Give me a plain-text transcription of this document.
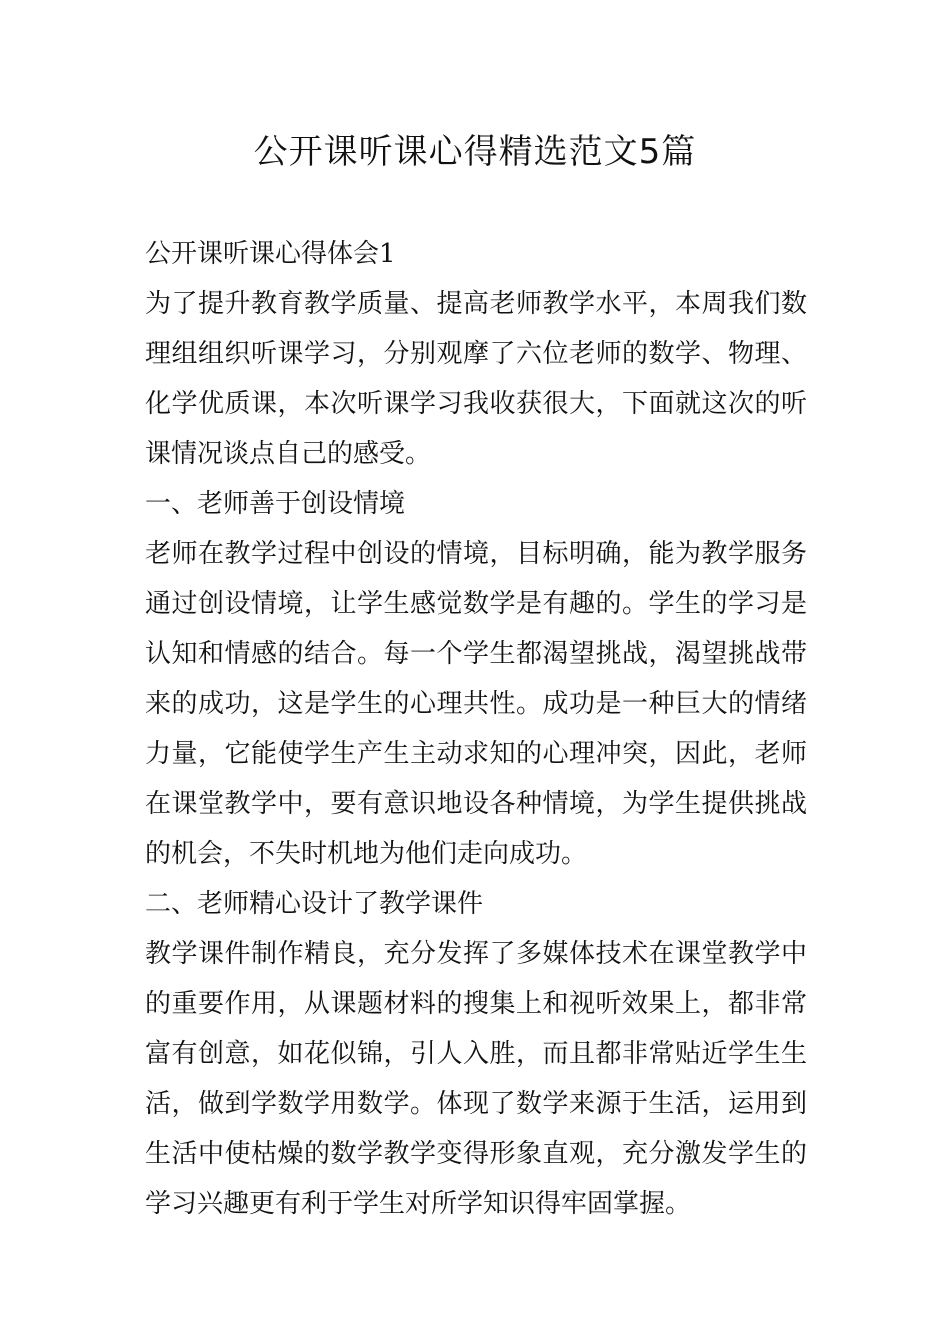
公开课听课心得精选范文5篇

公开课听课心得体会1

为了提升教育教学质量、提高老师教学水平，本周我们数理组组织听课学习，分别观摩了六位老师的数学、物理、化学优质课，本次听课学习我收获很大，下面就这次的听课情况谈点自己的感受。

一、老师善于创设情境

老师在教学过程中创设的情境，目标明确，能为教学服务通过创设情境，让学生感觉数学是有趣的。学生的学习是认知和情感的结合。每一个学生都渴望挑战，渴望挑战带来的成功，这是学生的心理共性。成功是一种巨大的情绪力量，它能使学生产生主动求知的心理冲突，因此，老师在课堂教学中，要有意识地设各种情境，为学生提供挑战的机会，不失时机地为他们走向成功。

二、老师精心设计了教学课件

教学课件制作精良，充分发挥了多媒体技术在课堂教学中的重要作用，从课题材料的搜集上和视听效果上，都非常富有创意，如花似锦，引人入胜，而且都非常贴近学生生活，做到学数学用数学。体现了数学来源于生活，运用到生活中使枯燥的数学教学变得形象直观，充分激发学生的学习兴趣更有利于学生对所学知识得牢固掌握。
